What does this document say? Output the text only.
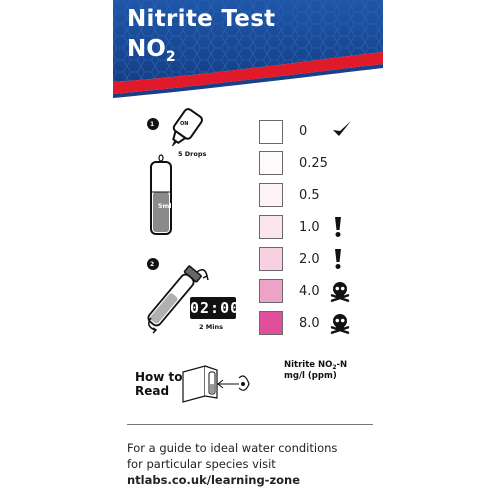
Nitrite Test
$NO_2$
1	ON
5 Drops
5ml
2
02:00
2 Mins
0
0.25
0.5
1.0
2.0
4.0
8.0
Nitrite $NO_2-N$
mg/l (ppm)
How to
Read
For a guide to ideal water conditions
for particular species visit
ntlabs.co.uk/learning-zone
